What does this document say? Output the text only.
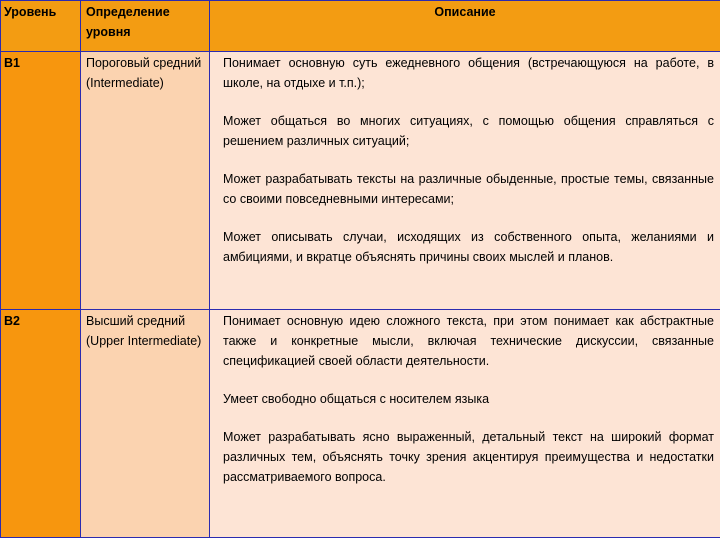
Уровень	Определение уровня	Описание
B1	Пороговый средний (Intermediate)	Понимает основную суть ежедневного общения (встречающуюся на работе, в школе, на отдыхе и т.п.);

Может общаться во многих ситуациях, с помощью общения справляться с решением различных ситуаций;

Может разрабатывать тексты на различные обыденные, простые темы, связанные со своими повседневными интересами;

Может описывать случаи, исходящих из собственного опыта, желаниями и амбициями, и вкратце объяснять причины своих мыслей и планов.

B2	Высший средний (Upper Intermediate)	Понимает основную идею сложного текста, при этом понимает как абстрактные также и конкретные мысли, включая технические дискуссии, связанные спецификацией своей области деятельности.

Умеет свободно общаться с носителем языка

Может разрабатывать ясно выраженный, детальный текст на широкий формат различных тем, объяснять точку зрения акцентируя преимущества и недостатки рассматриваемого вопроса.
